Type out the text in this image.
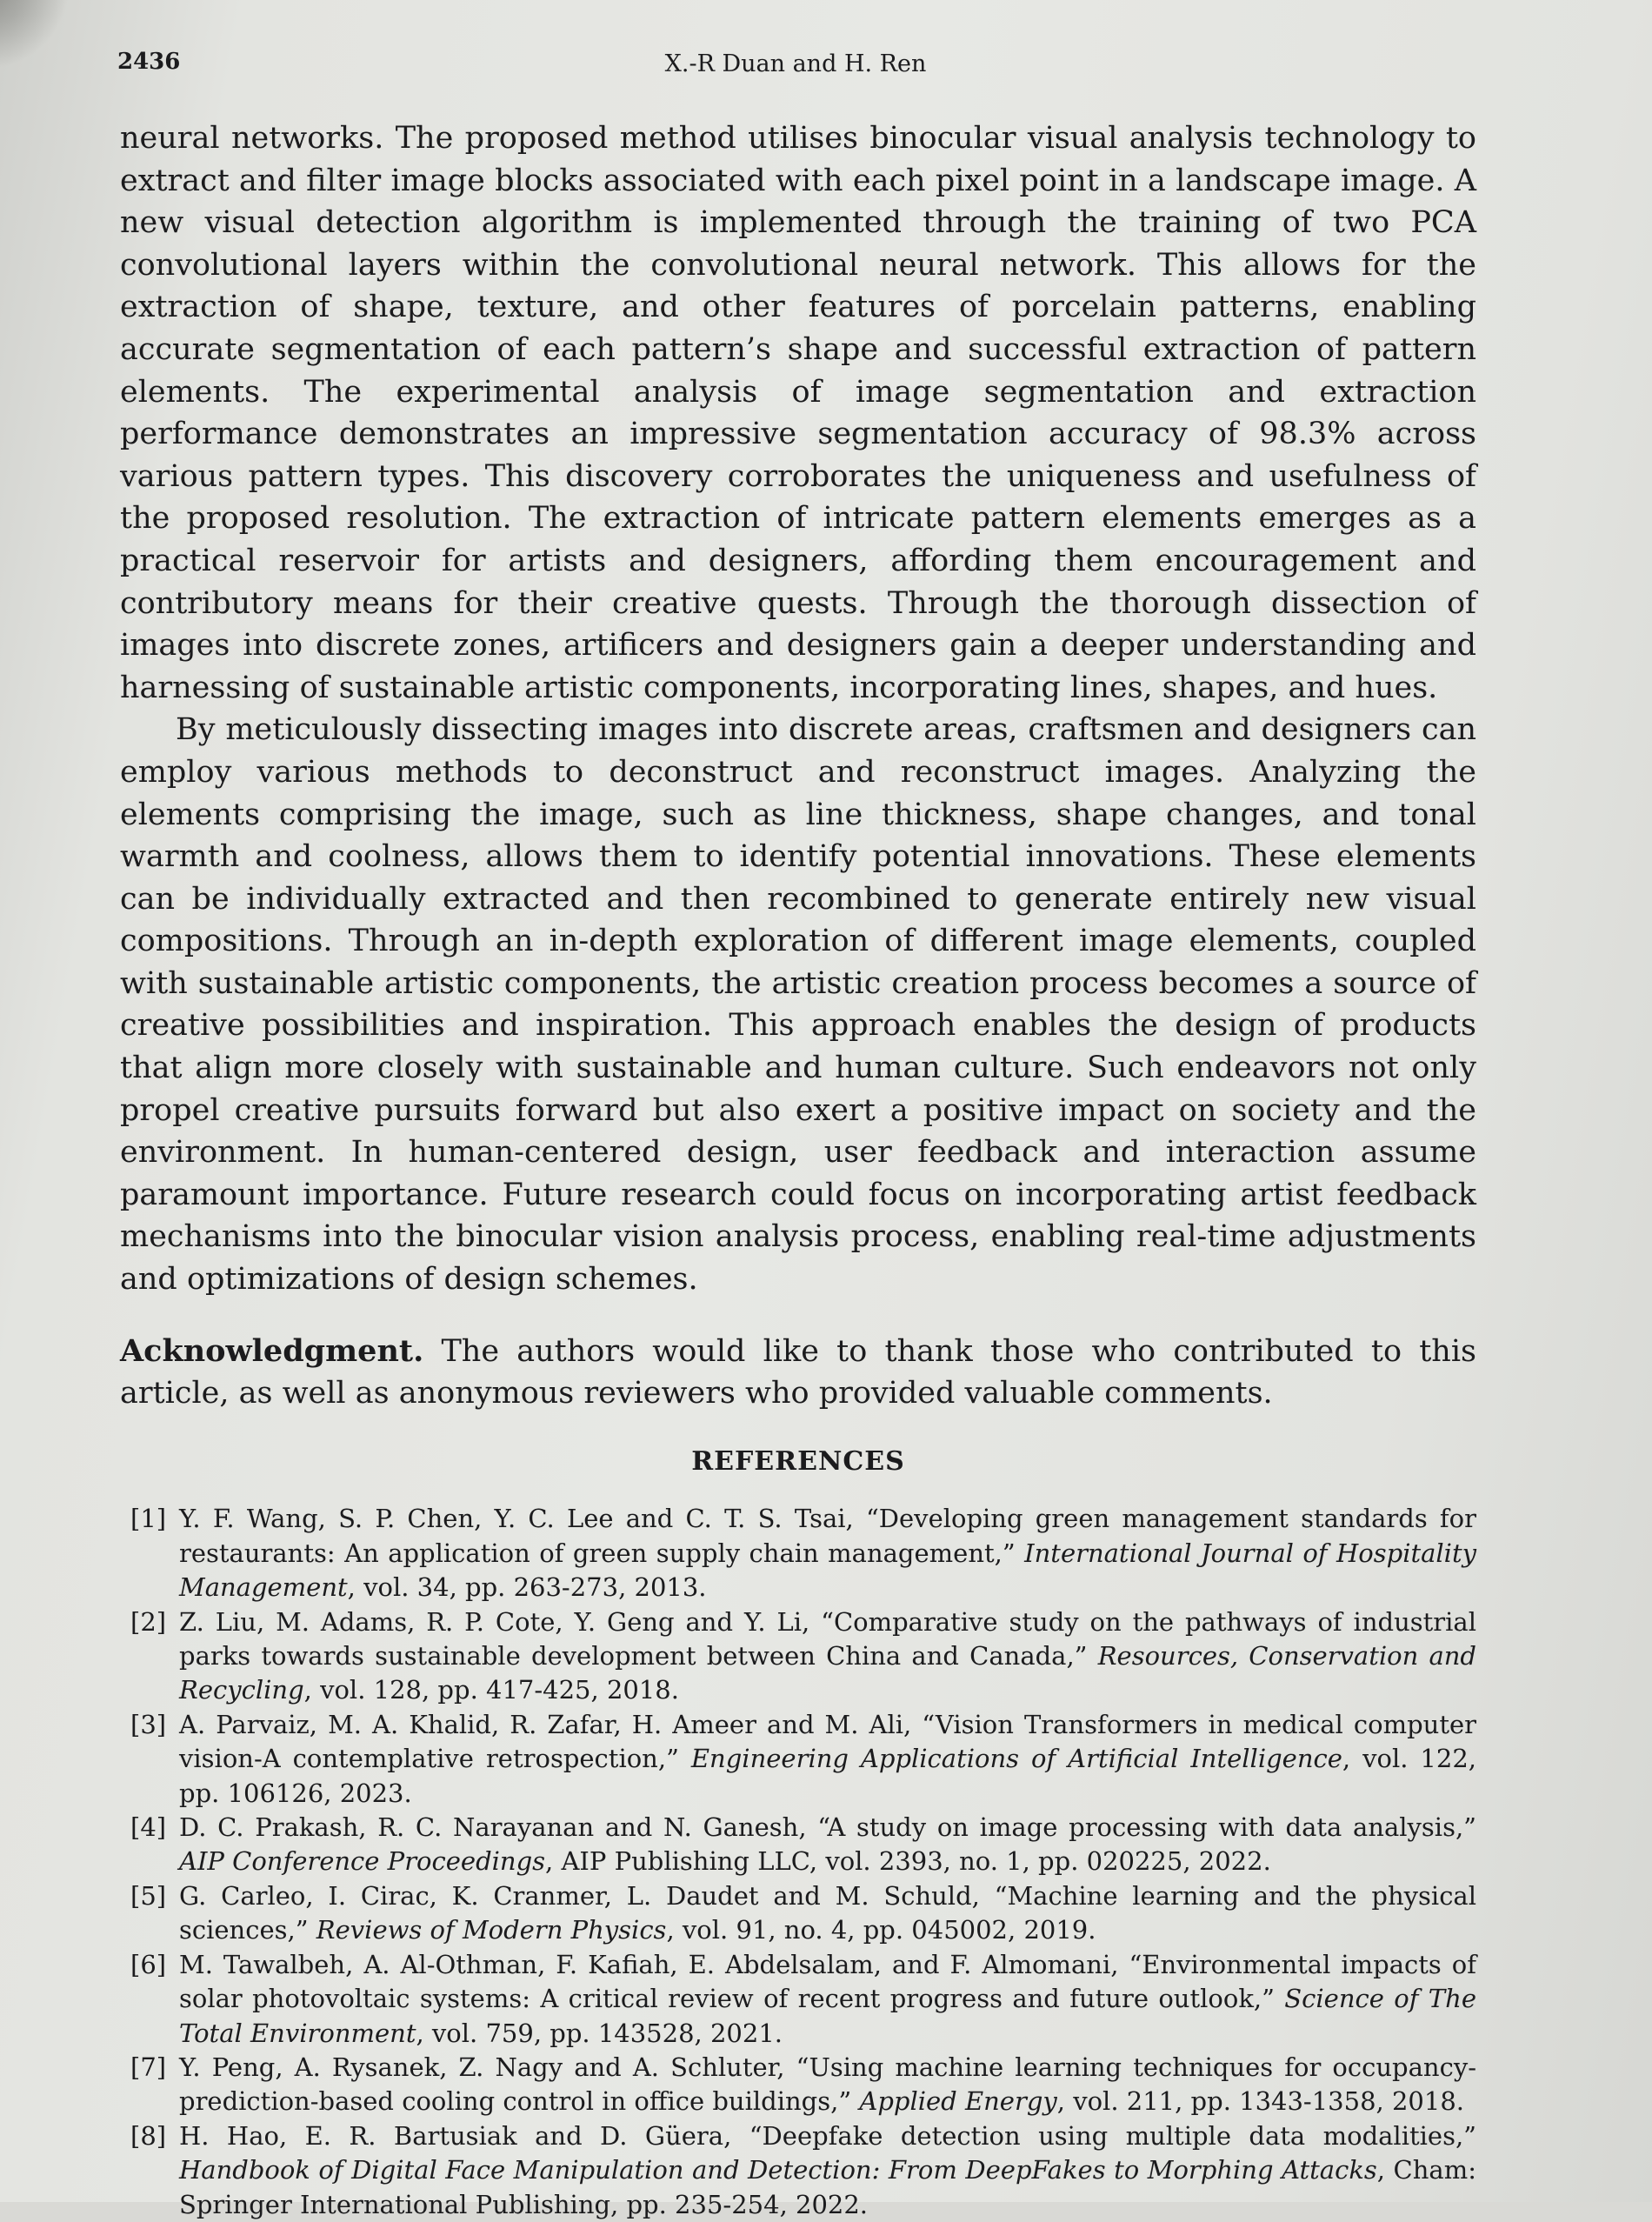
2436	X.-R Duan and H. Ren

neural networks. The proposed method utilises binocular visual analysis technology to extract and filter image blocks associated with each pixel point in a landscape image. A new visual detection algorithm is implemented through the training of two PCA convolutional layers within the convolutional neural network. This allows for the extraction of shape, texture, and other features of porcelain patterns, enabling accurate segmentation of each pattern’s shape and successful extraction of pattern elements. The experimental analysis of image segmentation and extraction performance demonstrates an impressive segmentation accuracy of 98.3% across various pattern types. This discovery corroborates the uniqueness and usefulness of the proposed resolution. The extraction of intricate pattern elements emerges as a practical reservoir for artists and designers, affording them encouragement and contributory means for their creative quests. Through the thorough dissection of images into discrete zones, artificers and designers gain a deeper understanding and harnessing of sustainable artistic components, incorporating lines, shapes, and hues.

By meticulously dissecting images into discrete areas, craftsmen and designers can employ various methods to deconstruct and reconstruct images. Analyzing the elements comprising the image, such as line thickness, shape changes, and tonal warmth and coolness, allows them to identify potential innovations. These elements can be individually extracted and then recombined to generate entirely new visual compositions. Through an in-depth exploration of different image elements, coupled with sustainable artistic components, the artistic creation process becomes a source of creative possibilities and inspiration. This approach enables the design of products that align more closely with sustainable and human culture. Such endeavors not only propel creative pursuits forward but also exert a positive impact on society and the environment. In human-centered design, user feedback and interaction assume paramount importance. Future research could focus on incorporating artist feedback mechanisms into the binocular vision analysis process, enabling real-time adjustments and optimizations of design schemes.

Acknowledgment. The authors would like to thank those who contributed to this article, as well as anonymous reviewers who provided valuable comments.

REFERENCES
[1] Y. F. Wang, S. P. Chen, Y. C. Lee and C. T. S. Tsai, “Developing green management standards for restaurants: An application of green supply chain management,” International Journal of Hospitality Management, vol. 34, pp. 263-273, 2013.
[2] Z. Liu, M. Adams, R. P. Cote, Y. Geng and Y. Li, “Comparative study on the pathways of industrial parks towards sustainable development between China and Canada,” Resources, Conservation and Recycling, vol. 128, pp. 417-425, 2018.
[3] A. Parvaiz, M. A. Khalid, R. Zafar, H. Ameer and M. Ali, “Vision Transformers in medical computer vision-A contemplative retrospection,” Engineering Applications of Artificial Intelligence, vol. 122, pp. 106126, 2023.
[4] D. C. Prakash, R. C. Narayanan and N. Ganesh, “A study on image processing with data analysis,” AIP Conference Proceedings, AIP Publishing LLC, vol. 2393, no. 1, pp. 020225, 2022.
[5] G. Carleo, I. Cirac, K. Cranmer, L. Daudet and M. Schuld, “Machine learning and the physical sciences,” Reviews of Modern Physics, vol. 91, no. 4, pp. 045002, 2019.
[6] M. Tawalbeh, A. Al-Othman, F. Kafiah, E. Abdelsalam, and F. Almomani, “Environmental impacts of solar photovoltaic systems: A critical review of recent progress and future outlook,” Science of The Total Environment, vol. 759, pp. 143528, 2021.
[7] Y. Peng, A. Rysanek, Z. Nagy and A. Schluter, “Using machine learning techniques for occupancy-prediction-based cooling control in office buildings,” Applied Energy, vol. 211, pp. 1343-1358, 2018.
[8] H. Hao, E. R. Bartusiak and D. Güera, “Deepfake detection using multiple data modalities,” Handbook of Digital Face Manipulation and Detection: From DeepFakes to Morphing Attacks, Cham: Springer International Publishing, pp. 235-254, 2022.
